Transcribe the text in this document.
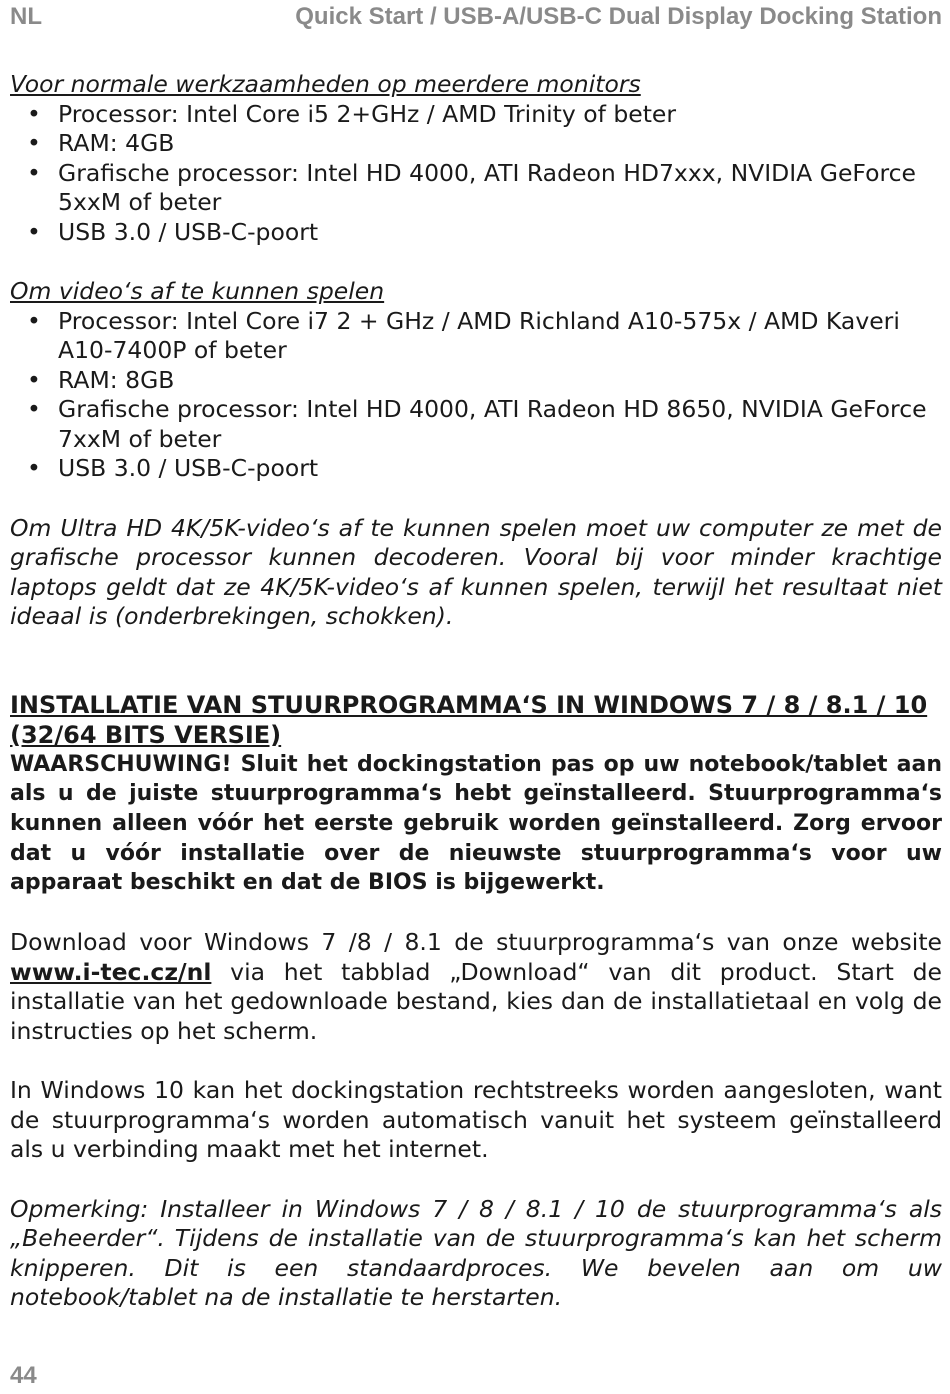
NL	Quick Start / USB-A/USB-C Dual Display Docking Station

Voor normale werkzaamheden op meerdere monitors

• Processor: Intel Core i5 2+GHz / AMD Trinity of beter
• RAM: 4GB
• Grafische processor: Intel HD 4000, ATI Radeon HD7xxx, NVIDIA GeForce 5xxM of beter
• USB 3.0 / USB-C-poort

Om video‘s af te kunnen spelen

• Processor: Intel Core i7 2 + GHz / AMD Richland A10-575x / AMD Kaveri A10-7400P of beter
• RAM: 8GB
• Grafische processor: Intel HD 4000, ATI Radeon HD 8650, NVIDIA GeForce 7xxM of beter
• USB 3.0 / USB-C-poort

Om Ultra HD 4K/5K-video‘s af te kunnen spelen moet uw computer ze met de grafische processor kunnen decoderen. Vooral bij voor minder krachtige laptops geldt dat ze 4K/5K-video‘s af kunnen spelen, terwijl het resultaat niet ideaal is (onderbrekingen, schokken).

INSTALLATIE VAN STUURPROGRAMMA‘S IN WINDOWS 7 / 8 / 8.1 / 10 (32/64 BITS VERSIE)

WAARSCHUWING! Sluit het dockingstation pas op uw notebook/tablet aan als u de juiste stuurprogramma‘s hebt geïnstalleerd. Stuurprogramma‘s kunnen alleen vóór het eerste gebruik worden geïnstalleerd. Zorg ervoor dat u vóór installatie over de nieuwste stuurprogramma‘s voor uw apparaat beschikt en dat de BIOS is bijgewerkt.

Download voor Windows 7 /8 / 8.1 de stuurprogramma‘s van onze website www.i-tec.cz/nl via het tabblad „Download“ van dit product. Start de installatie van het gedownloade bestand, kies dan de installatietaal en volg de instructies op het scherm.

In Windows 10 kan het dockingstation rechtstreeks worden aangesloten, want de stuurprogramma‘s worden automatisch vanuit het systeem geïnstalleerd als u verbinding maakt met het internet.

Opmerking: Installeer in Windows 7 / 8 / 8.1 / 10 de stuurprogramma‘s als „Beheerder“. Tijdens de installatie van de stuurprogramma‘s kan het scherm knipperen. Dit is een standaardproces. We bevelen aan om uw notebook/tablet na de installatie te herstarten.

44
